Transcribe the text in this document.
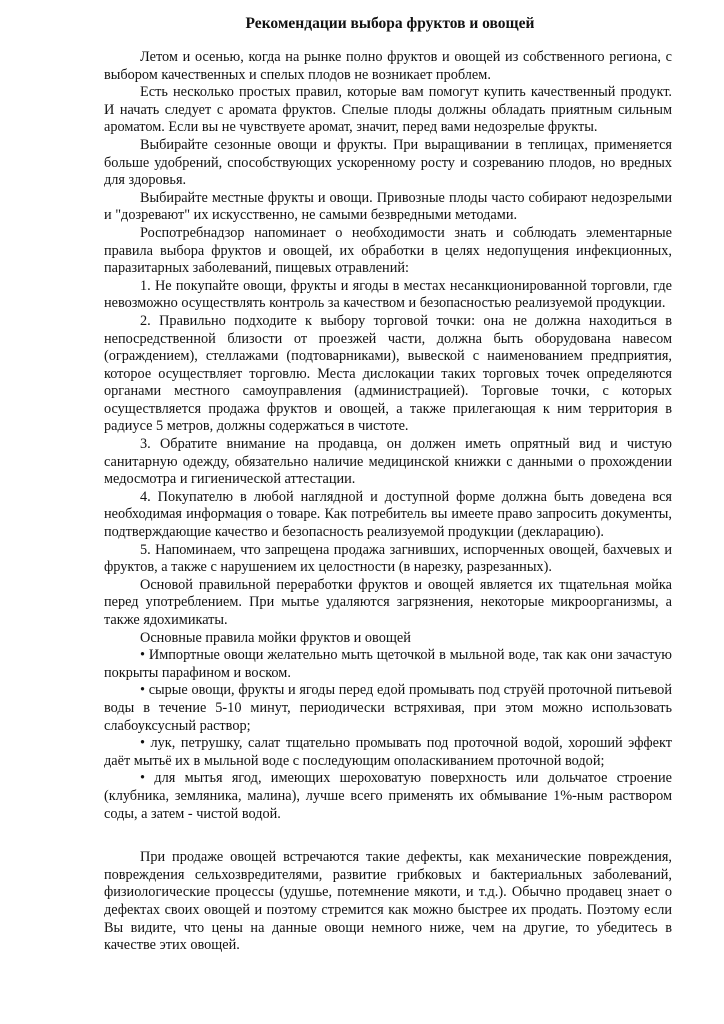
Рекомендации выбора фруктов и овощей

Летом и осенью, когда на рынке полно фруктов и овощей из собственного региона, с выбором качественных и спелых плодов не возникает проблем.

Есть несколько простых правил, которые вам помогут купить качественный продукт. И начать следует с аромата фруктов. Спелые плоды должны обладать приятным сильным ароматом. Если вы не чувствуете аромат, значит, перед вами недозрелые фрукты.

Выбирайте сезонные овощи и фрукты. При выращивании в теплицах, применяется больше удобрений, способствующих ускоренному росту и созреванию плодов, но вредных для здоровья.

Выбирайте местные фрукты и овощи. Привозные плоды часто собирают недозрелыми и "дозревают" их искусственно, не самыми безвредными методами.

Роспотребнадзор напоминает о необходимости знать и соблюдать элементарные правила выбора фруктов и овощей, их обработки в целях недопущения инфекционных, паразитарных заболеваний, пищевых отравлений:

1. Не покупайте овощи, фрукты и ягоды в местах несанкционированной торговли, где невозможно осуществлять контроль за качеством и безопасностью реализуемой продукции.

2. Правильно подходите к выбору торговой точки: она не должна находиться в непосредственной близости от проезжей части, должна быть оборудована навесом (ограждением), стеллажами (подтоварниками), вывеской с наименованием предприятия, которое осуществляет торговлю. Места дислокации таких торговых точек определяются органами местного самоуправления (администрацией). Торговые точки, с которых осуществляется продажа фруктов и овощей, а также прилегающая к ним территория в радиусе 5 метров, должны содержаться в чистоте.

3. Обратите внимание на продавца, он должен иметь опрятный вид и чистую санитарную одежду, обязательно наличие медицинской книжки с данными о прохождении медосмотра и гигиенической аттестации.

4. Покупателю в любой наглядной и доступной форме должна быть доведена вся необходимая информация о товаре. Как потребитель вы имеете право запросить документы, подтверждающие качество и безопасность реализуемой продукции (декларацию).

5. Напоминаем, что запрещена продажа загнивших, испорченных овощей, бахчевых и фруктов, а также с нарушением их целостности (в нарезку, разрезанных).

Основой правильной переработки фруктов и овощей является их тщательная мойка перед употреблением. При мытье удаляются загрязнения, некоторые микроорганизмы, а также ядохимикаты.

Основные правила мойки фруктов и овощей

• Импортные овощи желательно мыть щеточкой в мыльной воде, так как они зачастую покрыты парафином и воском.

• сырые овощи, фрукты и ягоды перед едой промывать под струёй проточной питьевой воды в течение 5-10 минут, периодически встряхивая, при этом можно использовать слабоуксусный раствор;

• лук, петрушку, салат тщательно промывать под проточной водой, хороший эффект даёт мытьё их в мыльной воде с последующим ополаскиванием проточной водой;

• для мытья ягод, имеющих шероховатую поверхность или дольчатое строение (клубника, земляника, малина), лучше всего применять их обмывание 1%-ным раствором соды, а затем - чистой водой.

При продаже овощей встречаются такие дефекты, как механические повреждения, повреждения сельхозвредителями, развитие грибковых и бактериальных заболеваний, физиологические процессы (удушье, потемнение мякоти, и т.д.). Обычно продавец знает о дефектах своих овощей и поэтому стремится как можно быстрее их продать. Поэтому если Вы видите, что цены на данные овощи немного ниже, чем на другие, то убедитесь в качестве этих овощей.
